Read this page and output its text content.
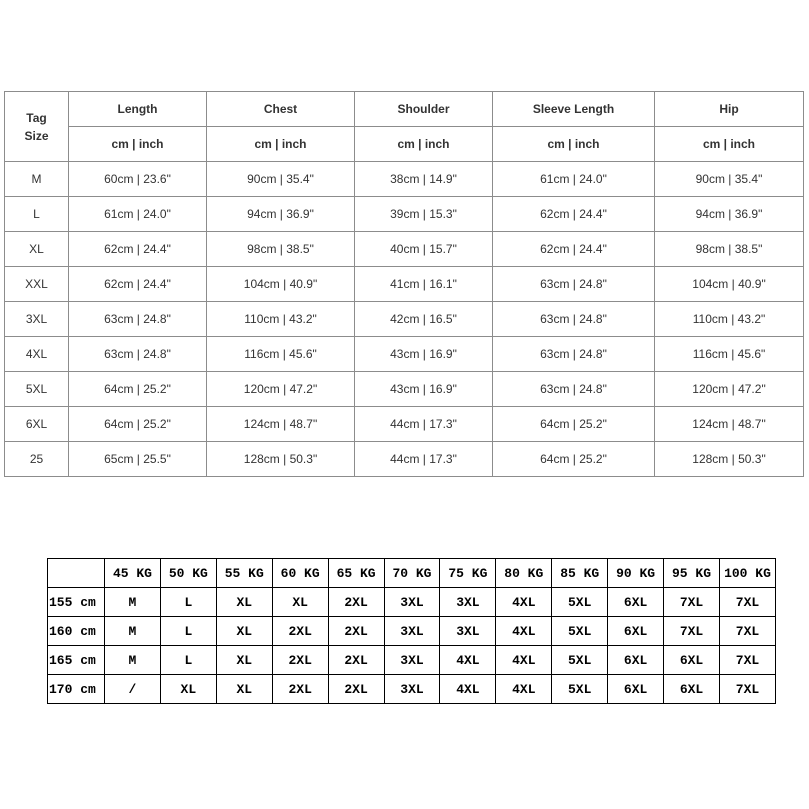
Tag
Size	Length	Chest	Shoulder	Sleeve Length	Hip
	cm | inch	cm | inch	cm | inch	cm | inch	cm | inch
M	60cm | 23.6"	90cm | 35.4"	38cm | 14.9"	61cm | 24.0"	90cm | 35.4"
L	61cm | 24.0"	94cm | 36.9"	39cm | 15.3"	62cm | 24.4"	94cm | 36.9"
XL	62cm | 24.4"	98cm | 38.5"	40cm | 15.7"	62cm | 24.4"	98cm | 38.5"
XXL	62cm | 24.4"	104cm | 40.9"	41cm | 16.1"	63cm | 24.8"	104cm | 40.9"
3XL	63cm | 24.8"	110cm | 43.2"	42cm | 16.5"	63cm | 24.8"	110cm | 43.2"
4XL	63cm | 24.8"	116cm | 45.6"	43cm | 16.9"	63cm | 24.8"	116cm | 45.6"
5XL	64cm | 25.2"	120cm | 47.2"	43cm | 16.9"	63cm | 24.8"	120cm | 47.2"
6XL	64cm | 25.2"	124cm | 48.7"	44cm | 17.3"	64cm | 25.2"	124cm | 48.7"
25	65cm | 25.5"	128cm | 50.3"	44cm | 17.3"	64cm | 25.2"	128cm | 50.3"
	45 KG	50 KG	55 KG	60 KG	65 KG	70 KG	75 KG	80 KG	85 KG	90 KG	95 KG	100 KG
155 cm	M	L	XL	XL	2XL	3XL	3XL	4XL	5XL	6XL	7XL	7XL
160 cm	M	L	XL	2XL	2XL	3XL	3XL	4XL	5XL	6XL	7XL	7XL
165 cm	M	L	XL	2XL	2XL	3XL	4XL	4XL	5XL	6XL	6XL	7XL
170 cm	/	XL	XL	2XL	2XL	3XL	4XL	4XL	5XL	6XL	6XL	7XL
